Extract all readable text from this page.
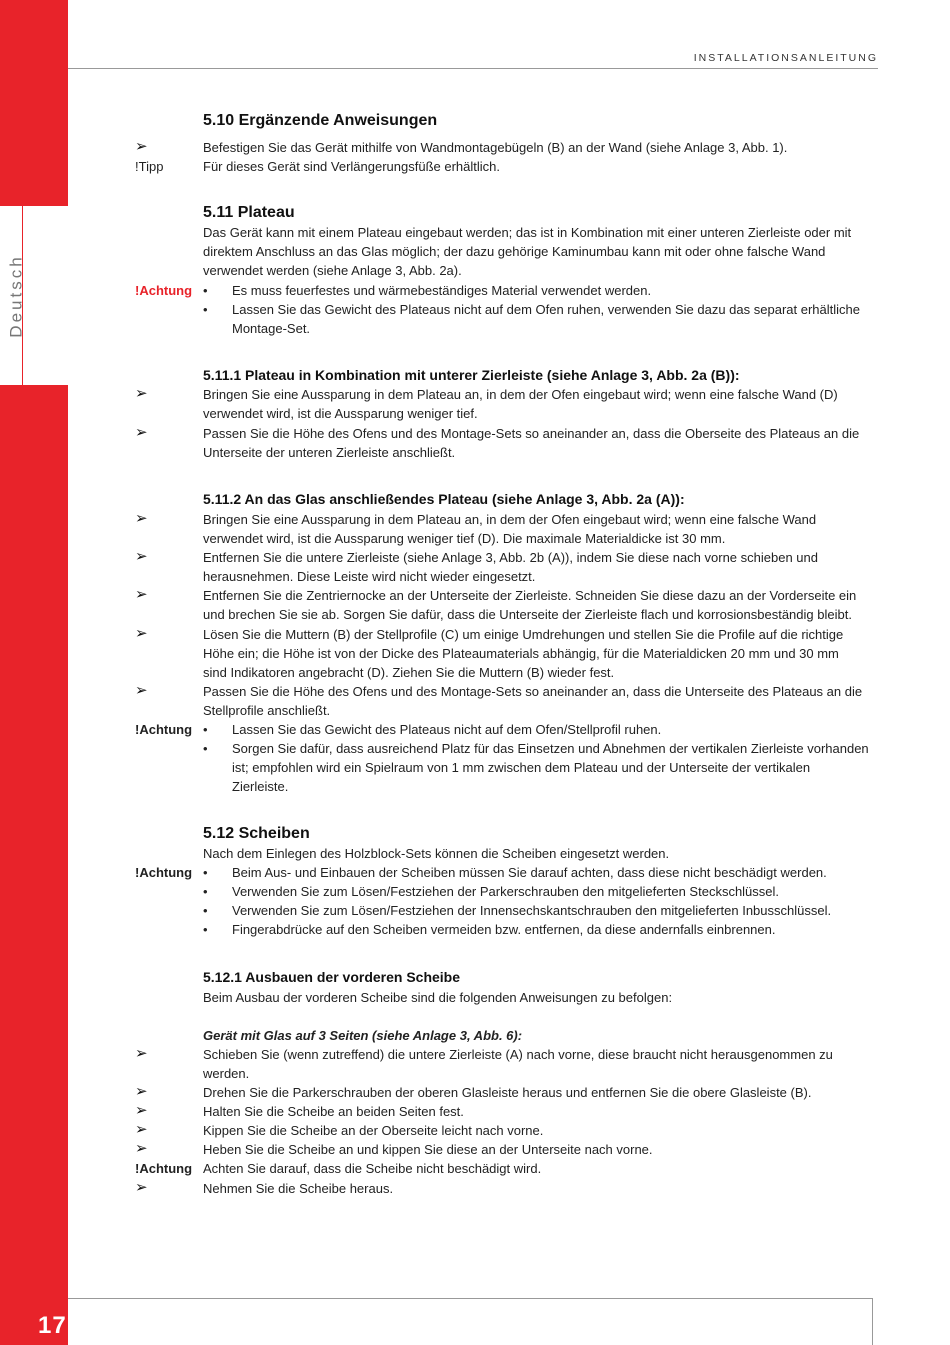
Deutsch
INSTALLATIONSANLEITUNG
17
5.10 Ergänzende Anweisungen
➢	Befestigen Sie das Gerät mithilfe von Wandmontagebügeln (B) an der Wand (siehe Anlage 3, Abb. 1).
!Tipp	Für dieses Gerät sind Verlängerungsfüße erhältlich.
5.11 Plateau
Das Gerät kann mit einem Plateau eingebaut werden; das ist in Kombination mit einer unteren Zierleiste oder mit
direktem Anschluss an das Glas möglich; der dazu gehörige Kaminumbau kann mit oder ohne falsche Wand
verwendet werden (siehe Anlage 3, Abb. 2a).
!Achtung • Es muss feuerfestes und wärmebeständiges Material verwendet werden.
• Lassen Sie das Gewicht des Plateaus nicht auf dem Ofen ruhen, verwenden Sie dazu das separat erhältliche
Montage-Set.
5.11.1 Plateau in Kombination mit unterer Zierleiste (siehe Anlage 3, Abb. 2a (B)):
➢	Bringen Sie eine Aussparung in dem Plateau an, in dem der Ofen eingebaut wird; wenn eine falsche Wand (D)
verwendet wird, ist die Aussparung weniger tief.
➢	Passen Sie die Höhe des Ofens und des Montage-Sets so aneinander an, dass die Oberseite des Plateaus an die
Unterseite der unteren Zierleiste anschließt.
5.11.2 An das Glas anschließendes Plateau (siehe Anlage 3, Abb. 2a (A)):
➢	Bringen Sie eine Aussparung in dem Plateau an, in dem der Ofen eingebaut wird; wenn eine falsche Wand
verwendet wird, ist die Aussparung weniger tief (D). Die maximale Materialdicke ist 30 mm.
➢	Entfernen Sie die untere Zierleiste (siehe Anlage 3, Abb. 2b (A)), indem Sie diese nach vorne schieben und
herausnehmen. Diese Leiste wird nicht wieder eingesetzt.
➢	Entfernen Sie die Zentriernocke an der Unterseite der Zierleiste. Schneiden Sie diese dazu an der Vorderseite ein
und brechen Sie sie ab. Sorgen Sie dafür, dass die Unterseite der Zierleiste flach und korrosionsbeständig bleibt.
➢	Lösen Sie die Muttern (B) der Stellprofile (C) um einige Umdrehungen und stellen Sie die Profile auf die richtige
Höhe ein; die Höhe ist von der Dicke des Plateaumaterials abhängig, für die Materialdicken 20 mm und 30 mm
sind Indikatoren angebracht (D). Ziehen Sie die Muttern (B) wieder fest.
➢	Passen Sie die Höhe des Ofens und des Montage-Sets so aneinander an, dass die Unterseite des Plateaus an die
Stellprofile anschließt.
!Achtung • Lassen Sie das Gewicht des Plateaus nicht auf dem Ofen/Stellprofil ruhen.
• Sorgen Sie dafür, dass ausreichend Platz für das Einsetzen und Abnehmen der vertikalen Zierleiste vorhanden
ist; empfohlen wird ein Spielraum von 1 mm zwischen dem Plateau und der Unterseite der vertikalen
Zierleiste.
5.12 Scheiben
Nach dem Einlegen des Holzblock-Sets können die Scheiben eingesetzt werden.
!Achtung • Beim Aus- und Einbauen der Scheiben müssen Sie darauf achten, dass diese nicht beschädigt werden.
• Verwenden Sie zum Lösen/Festziehen der Parkerschrauben den mitgelieferten Steckschlüssel.
• Verwenden Sie zum Lösen/Festziehen der Innensechskantschrauben den mitgelieferten Inbusschlüssel.
• Fingerabdrücke auf den Scheiben vermeiden bzw. entfernen, da diese andernfalls einbrennen.
5.12.1 Ausbauen der vorderen Scheibe
Beim Ausbau der vorderen Scheibe sind die folgenden Anweisungen zu befolgen:
Gerät mit Glas auf 3 Seiten (siehe Anlage 3, Abb. 6):
➢	Schieben Sie (wenn zutreffend) die untere Zierleiste (A) nach vorne, diese braucht nicht herausgenommen zu
werden.
➢	Drehen Sie die Parkerschrauben der oberen Glasleiste heraus und entfernen Sie die obere Glasleiste (B).
➢	Halten Sie die Scheibe an beiden Seiten fest.
➢	Kippen Sie die Scheibe an der Oberseite leicht nach vorne.
➢	Heben Sie die Scheibe an und kippen Sie diese an der Unterseite nach vorne.
!Achtung Achten Sie darauf, dass die Scheibe nicht beschädigt wird.
➢	Nehmen Sie die Scheibe heraus.
